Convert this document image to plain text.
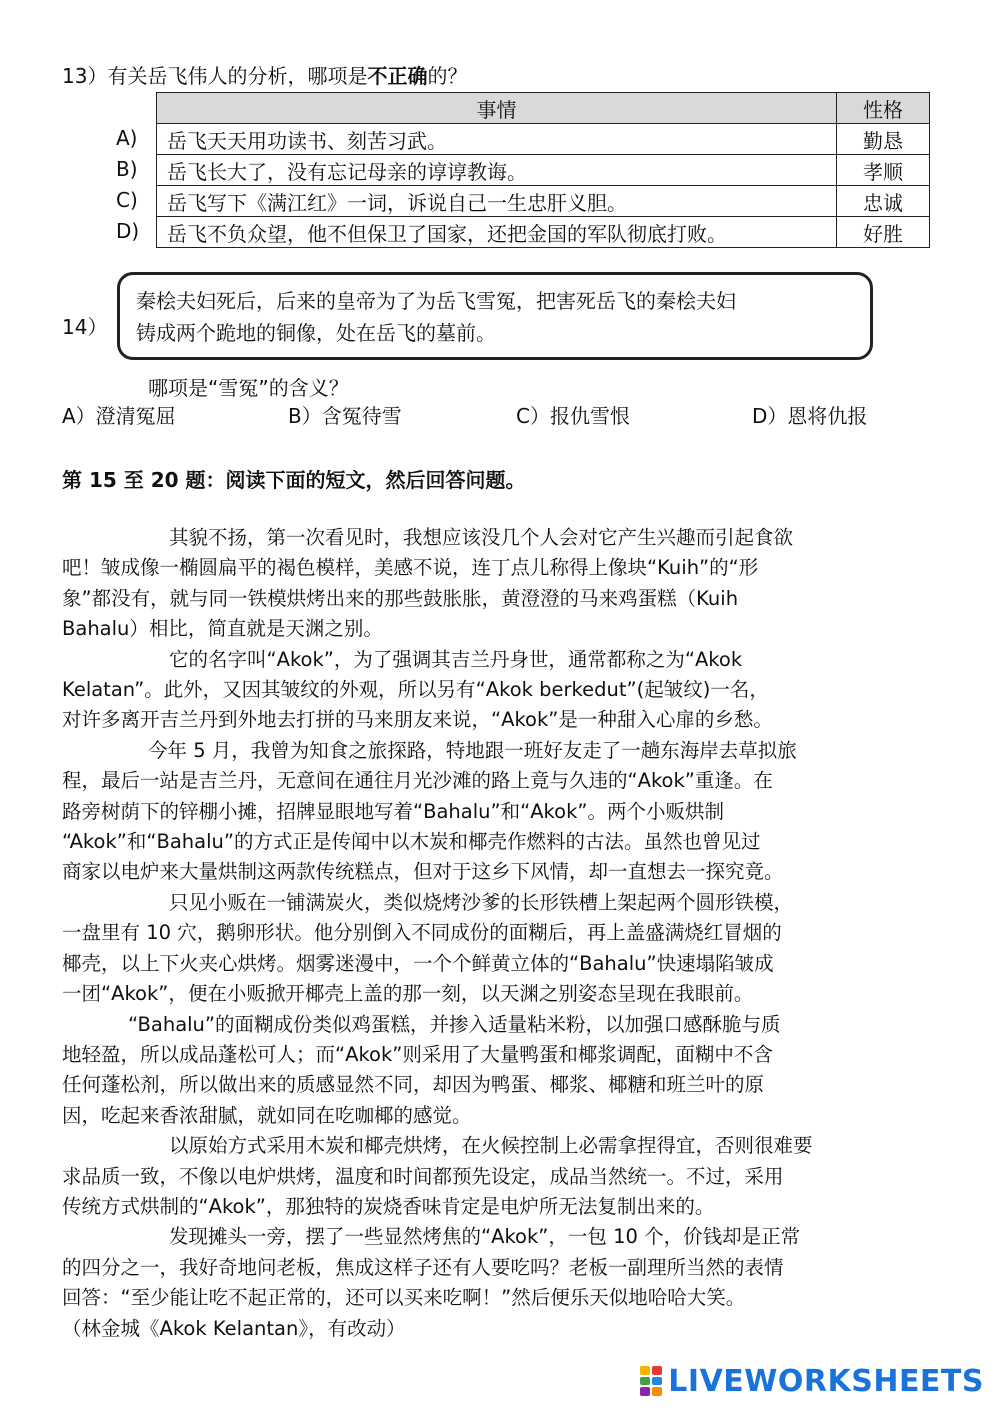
13）有关岳飞伟人的分析，哪项是不正确的？
事情	性格
岳飞天天用功读书、刻苦习武。	勤恳
岳飞长大了，没有忘记母亲的谆谆教诲。	孝顺
岳飞写下《满江红》一词，诉说自己一生忠肝义胆。	忠诚
岳飞不负众望，他不但保卫了国家，还把金国的军队彻底打败。	好胜
A)
B)
C)
D)
14）
秦桧夫妇死后，后来的皇帝为了为岳飞雪冤，把害死岳飞的秦桧夫妇
铸成两个跪地的铜像，处在岳飞的墓前。
哪项是“雪冤”的含义？
A）澄清冤屈	B）含冤待雪	C）报仇雪恨	D）恩将仇报
第 15 至 20 题：阅读下面的短文，然后回答问题。

其貌不扬，第一次看见时，我想应该没几个人会对它产生兴趣而引起食欲
吧！皱成像一椭圆扁平的褐色模样，美感不说，连丁点儿称得上像块“Kuih”的“形
象”都没有，就与同一铁模烘烤出来的那些鼓胀胀，黄澄澄的马来鸡蛋糕（Kuih
Bahalu）相比，简直就是天渊之别。

它的名字叫“Akok”，为了强调其吉兰丹身世，通常都称之为“Akok
Kelatan”。此外，又因其皱纹的外观，所以另有“Akok berkedut”(起皱纹)一名，
对许多离开吉兰丹到外地去打拼的马来朋友来说，“Akok”是一种甜入心扉的乡愁。

今年 5 月，我曾为知食之旅探路，特地跟一班好友走了一趟东海岸去草拟旅
程，最后一站是吉兰丹，无意间在通往月光沙滩的路上竟与久违的“Akok”重逢。在
路旁树荫下的锌棚小摊，招牌显眼地写着“Bahalu”和“Akok”。两个小贩烘制
“Akok”和“Bahalu”的方式正是传闻中以木炭和椰壳作燃料的古法。虽然也曾见过
商家以电炉来大量烘制这两款传统糕点，但对于这乡下风情，却一直想去一探究竟。

只见小贩在一铺满炭火，类似烧烤沙爹的长形铁槽上架起两个圆形铁模，
一盘里有 10 穴，鹅卵形状。他分别倒入不同成份的面糊后，再上盖盛满烧红冒烟的
椰壳，以上下火夹心烘烤。烟雾迷漫中，一个个鲜黄立体的“Bahalu”快速塌陷皱成
一团“Akok”，便在小贩掀开椰壳上盖的那一刻，以天渊之别姿态呈现在我眼前。

“Bahalu”的面糊成份类似鸡蛋糕，并掺入适量粘米粉，以加强口感酥脆与质
地轻盈，所以成品蓬松可人；而“Akok”则采用了大量鸭蛋和椰浆调配，面糊中不含
任何蓬松剂，所以做出来的质感显然不同，却因为鸭蛋、椰浆、椰糖和班兰叶的原
因，吃起来香浓甜腻，就如同在吃咖椰的感觉。

以原始方式采用木炭和椰壳烘烤，在火候控制上必需拿捏得宜，否则很难要
求品质一致，不像以电炉烘烤，温度和时间都预先设定，成品当然统一。不过，采用
传统方式烘制的“Akok”，那独特的炭烧香味肯定是电炉所无法复制出来的。

发现摊头一旁，摆了一些显然烤焦的“Akok”，一包 10 个，价钱却是正常
的四分之一，我好奇地问老板，焦成这样子还有人要吃吗？老板一副理所当然的表情
回答：“至少能让吃不起正常的，还可以买来吃啊！”然后便乐天似地哈哈大笑。

（林金城《Akok Kelantan》，有改动）

LIVEWORKSHEETS
